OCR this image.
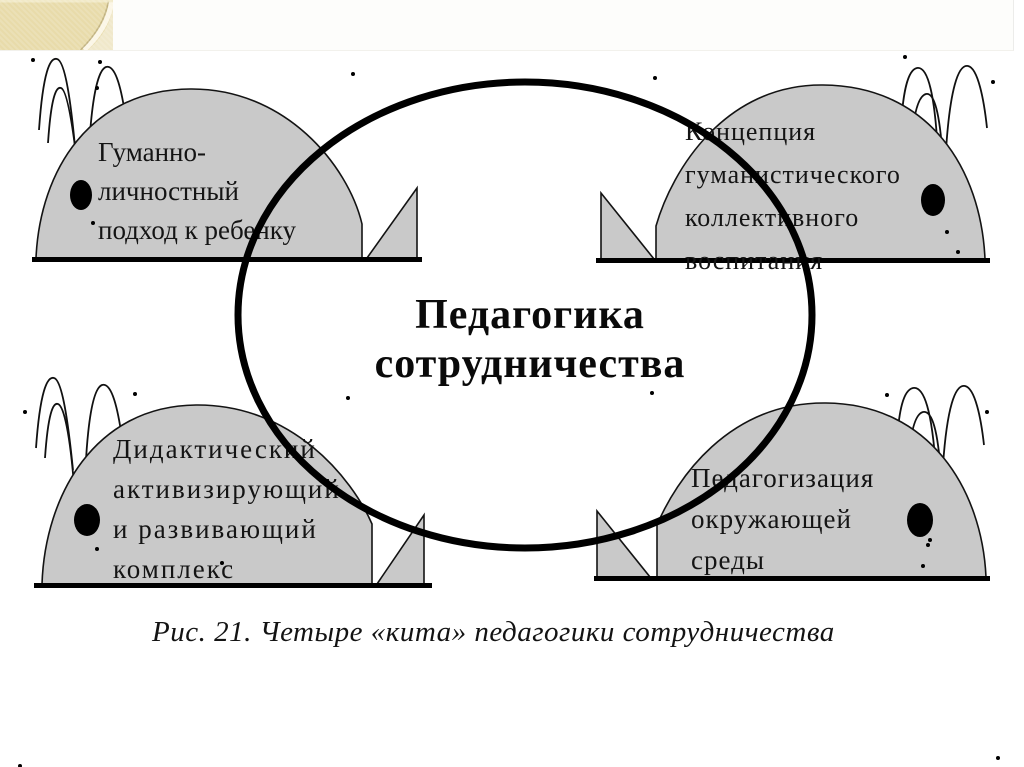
Гуманно-
личностный
подход к ребенку
Концепция
гуманистического
коллективного
воспитания
Дидактический
активизирующий
и развивающий
комплекс
Педагогизация
окружающей
среды
Педагогика
сотрудничества
Рис. 21. Четыре «кита» педагогики сотрудничества
